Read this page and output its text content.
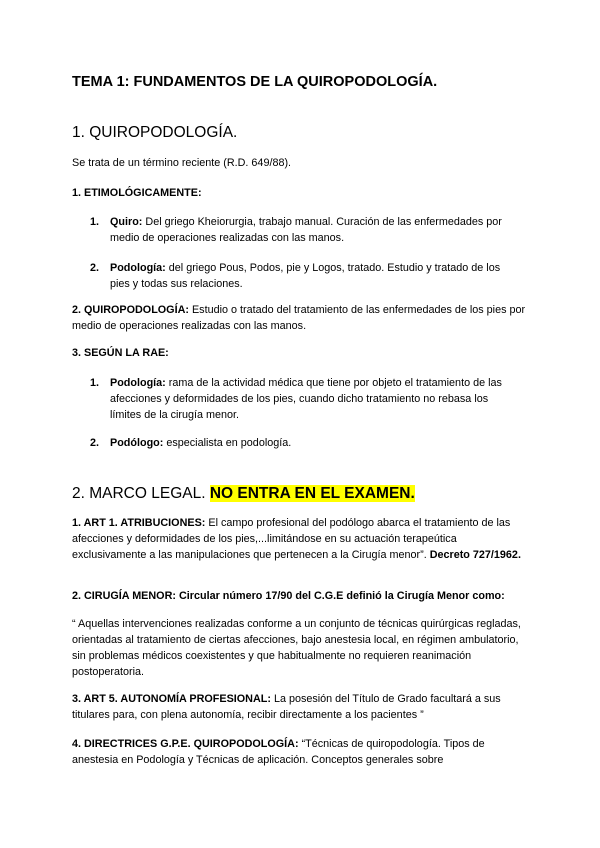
TEMA 1: FUNDAMENTOS DE LA QUIROPODOLOGÍA.
1. QUIROPODOLOGÍA.
Se trata de un término reciente (R.D. 649/88).
1. ETIMOLÓGICAMENTE:
1. Quiro: Del griego Kheiorurgia, trabajo manual. Curación de las enfermedades por medio de operaciones realizadas con las manos.
2. Podología: del griego Pous, Podos, pie y Logos, tratado. Estudio y tratado de los pies y todas sus relaciones.
2. QUIROPODOLOGÍA: Estudio o tratado del tratamiento de las enfermedades de los pies por medio de operaciones realizadas con las manos.
3. SEGÚN LA RAE:
1. Podología: rama de la actividad médica que tiene por objeto el tratamiento de las afecciones y deformidades de los pies, cuando dicho tratamiento no rebasa los límites de la cirugía menor.
2. Podólogo: especialista en podología.
2. MARCO LEGAL. NO ENTRA EN EL EXAMEN.
1. ART 1. ATRIBUCIONES: El campo profesional del podólogo abarca el tratamiento de las afecciones y deformidades de los pies,...limitándose en su actuación terapeútica exclusivamente a las manipulaciones que pertenecen a la Cirugía menor”. Decreto 727/1962.
2. CIRUGÍA MENOR: Circular número 17/90 del C.G.E definió la Cirugía Menor como:
“ Aquellas intervenciones realizadas conforme a un conjunto de técnicas quirúrgicas regladas, orientadas al tratamiento de ciertas afecciones, bajo anestesia local, en régimen ambulatorio, sin problemas médicos coexistentes y que habitualmente no requieren reanimación postoperatoria.
3. ART 5. AUTONOMÍA PROFESIONAL: La posesión del Título de Grado facultará a sus titulares para, con plena autonomía, recibir directamente a los pacientes ”
4. DIRECTRICES G.P.E. QUIROPODOLOGÍA: “Técnicas de quiropodología. Tipos de anestesia en Podología y Técnicas de aplicación. Conceptos generales sobre
